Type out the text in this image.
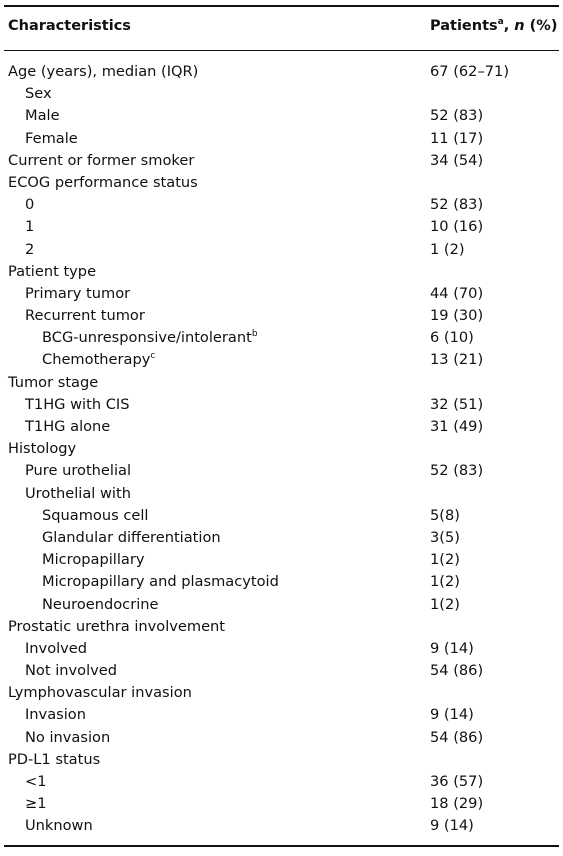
Characteristics	Patients$^a$, n (%)
Age (years), median (IQR)	67 (62–71)
Sex
Male	52 (83)
Female	11 (17)
Current or former smoker	34 (54)
ECOG performance status
0	52 (83)
1	10 (16)
2	1 (2)
Patient type
Primary tumor	44 (70)
Recurrent tumor	19 (30)
BCG-unresponsive/intolerant$^b$	6 (10)
Chemotherapy$^c$	13 (21)
Tumor stage
T1HG with CIS	32 (51)
T1HG alone	31 (49)
Histology
Pure urothelial	52 (83)
Urothelial with
Squamous cell	5(8)
Glandular differentiation	3(5)
Micropapillary	1(2)
Micropapillary and plasmacytoid	1(2)
Neuroendocrine	1(2)
Prostatic urethra involvement
Involved	9 (14)
Not involved	54 (86)
Lymphovascular invasion
Invasion	9 (14)
No invasion	54 (86)
PD-L1 status
<1	36 (57)
≥1	18 (29)
Unknown	9 (14)
